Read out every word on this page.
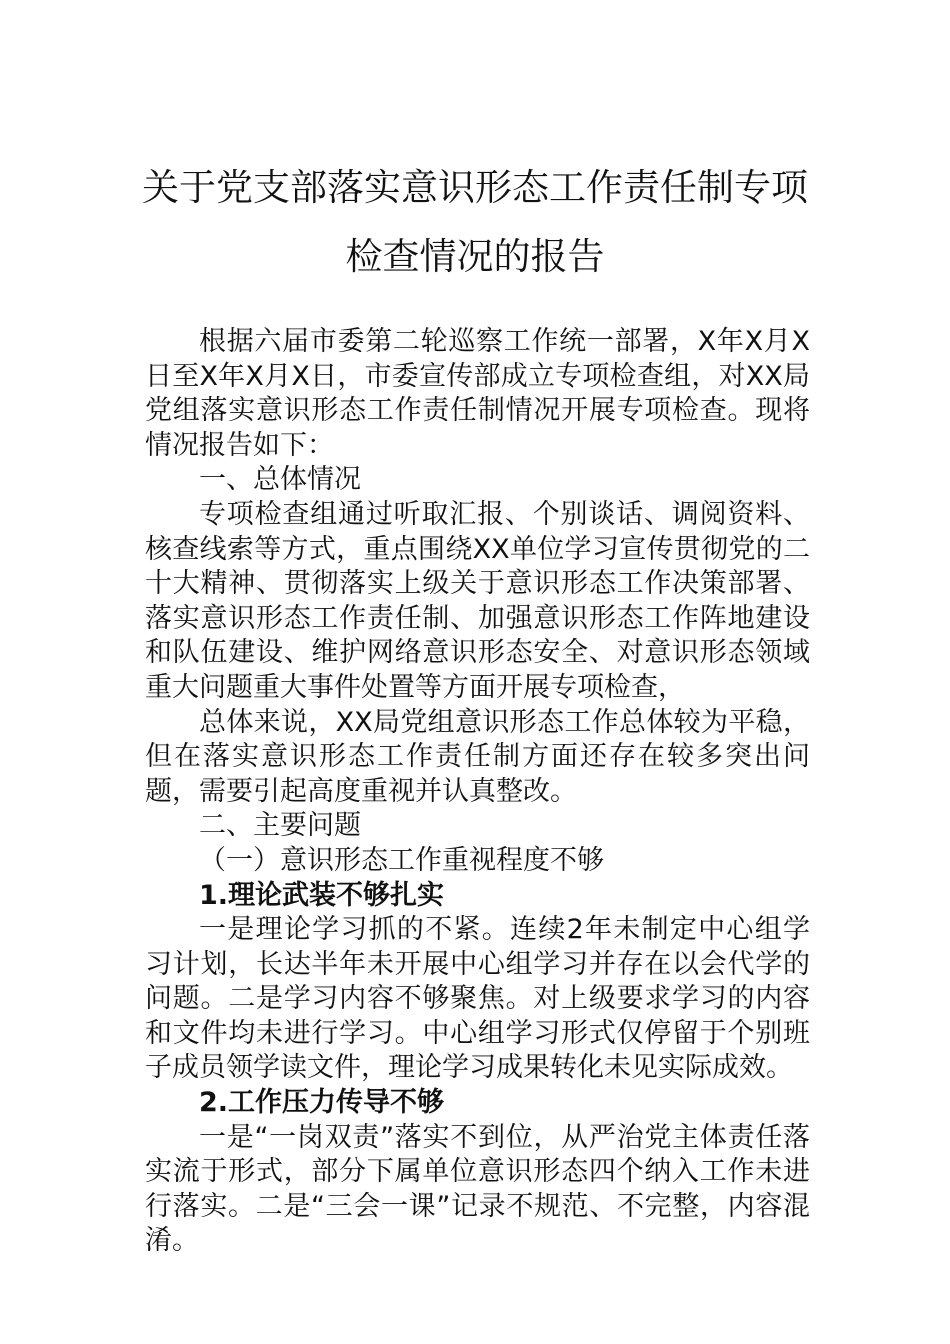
关于党支部落实意识形态工作责任制专项
检查情况的报告

根据六届市委第二轮巡察工作统一部署，X年X月X日至X年X月X日，市委宣传部成立专项检查组，对XX局党组落实意识形态工作责任制情况开展专项检查。现将情况报告如下：

一、总体情况

专项检查组通过听取汇报、个别谈话、调阅资料、核查线索等方式，重点围绕XX单位学习宣传贯彻党的二十大精神、贯彻落实上级关于意识形态工作决策部署、落实意识形态工作责任制、加强意识形态工作阵地建设和队伍建设、维护网络意识形态安全、对意识形态领域重大问题重大事件处置等方面开展专项检查，

总体来说，XX局党组意识形态工作总体较为平稳，但在落实意识形态工作责任制方面还存在较多突出问题，需要引起高度重视并认真整改。

二、主要问题

（一）意识形态工作重视程度不够

1.理论武装不够扎实

一是理论学习抓的不紧。连续2年未制定中心组学习计划，长达半年未开展中心组学习并存在以会代学的问题。二是学习内容不够聚焦。对上级要求学习的内容和文件均未进行学习。中心组学习形式仅停留于个别班子成员领学读文件，理论学习成果转化未见实际成效。

2.工作压力传导不够

一是“一岗双责”落实不到位，从严治党主体责任落实流于形式，部分下属单位意识形态四个纳入工作未进行落实。二是“三会一课”记录不规范、不完整，内容混淆。
